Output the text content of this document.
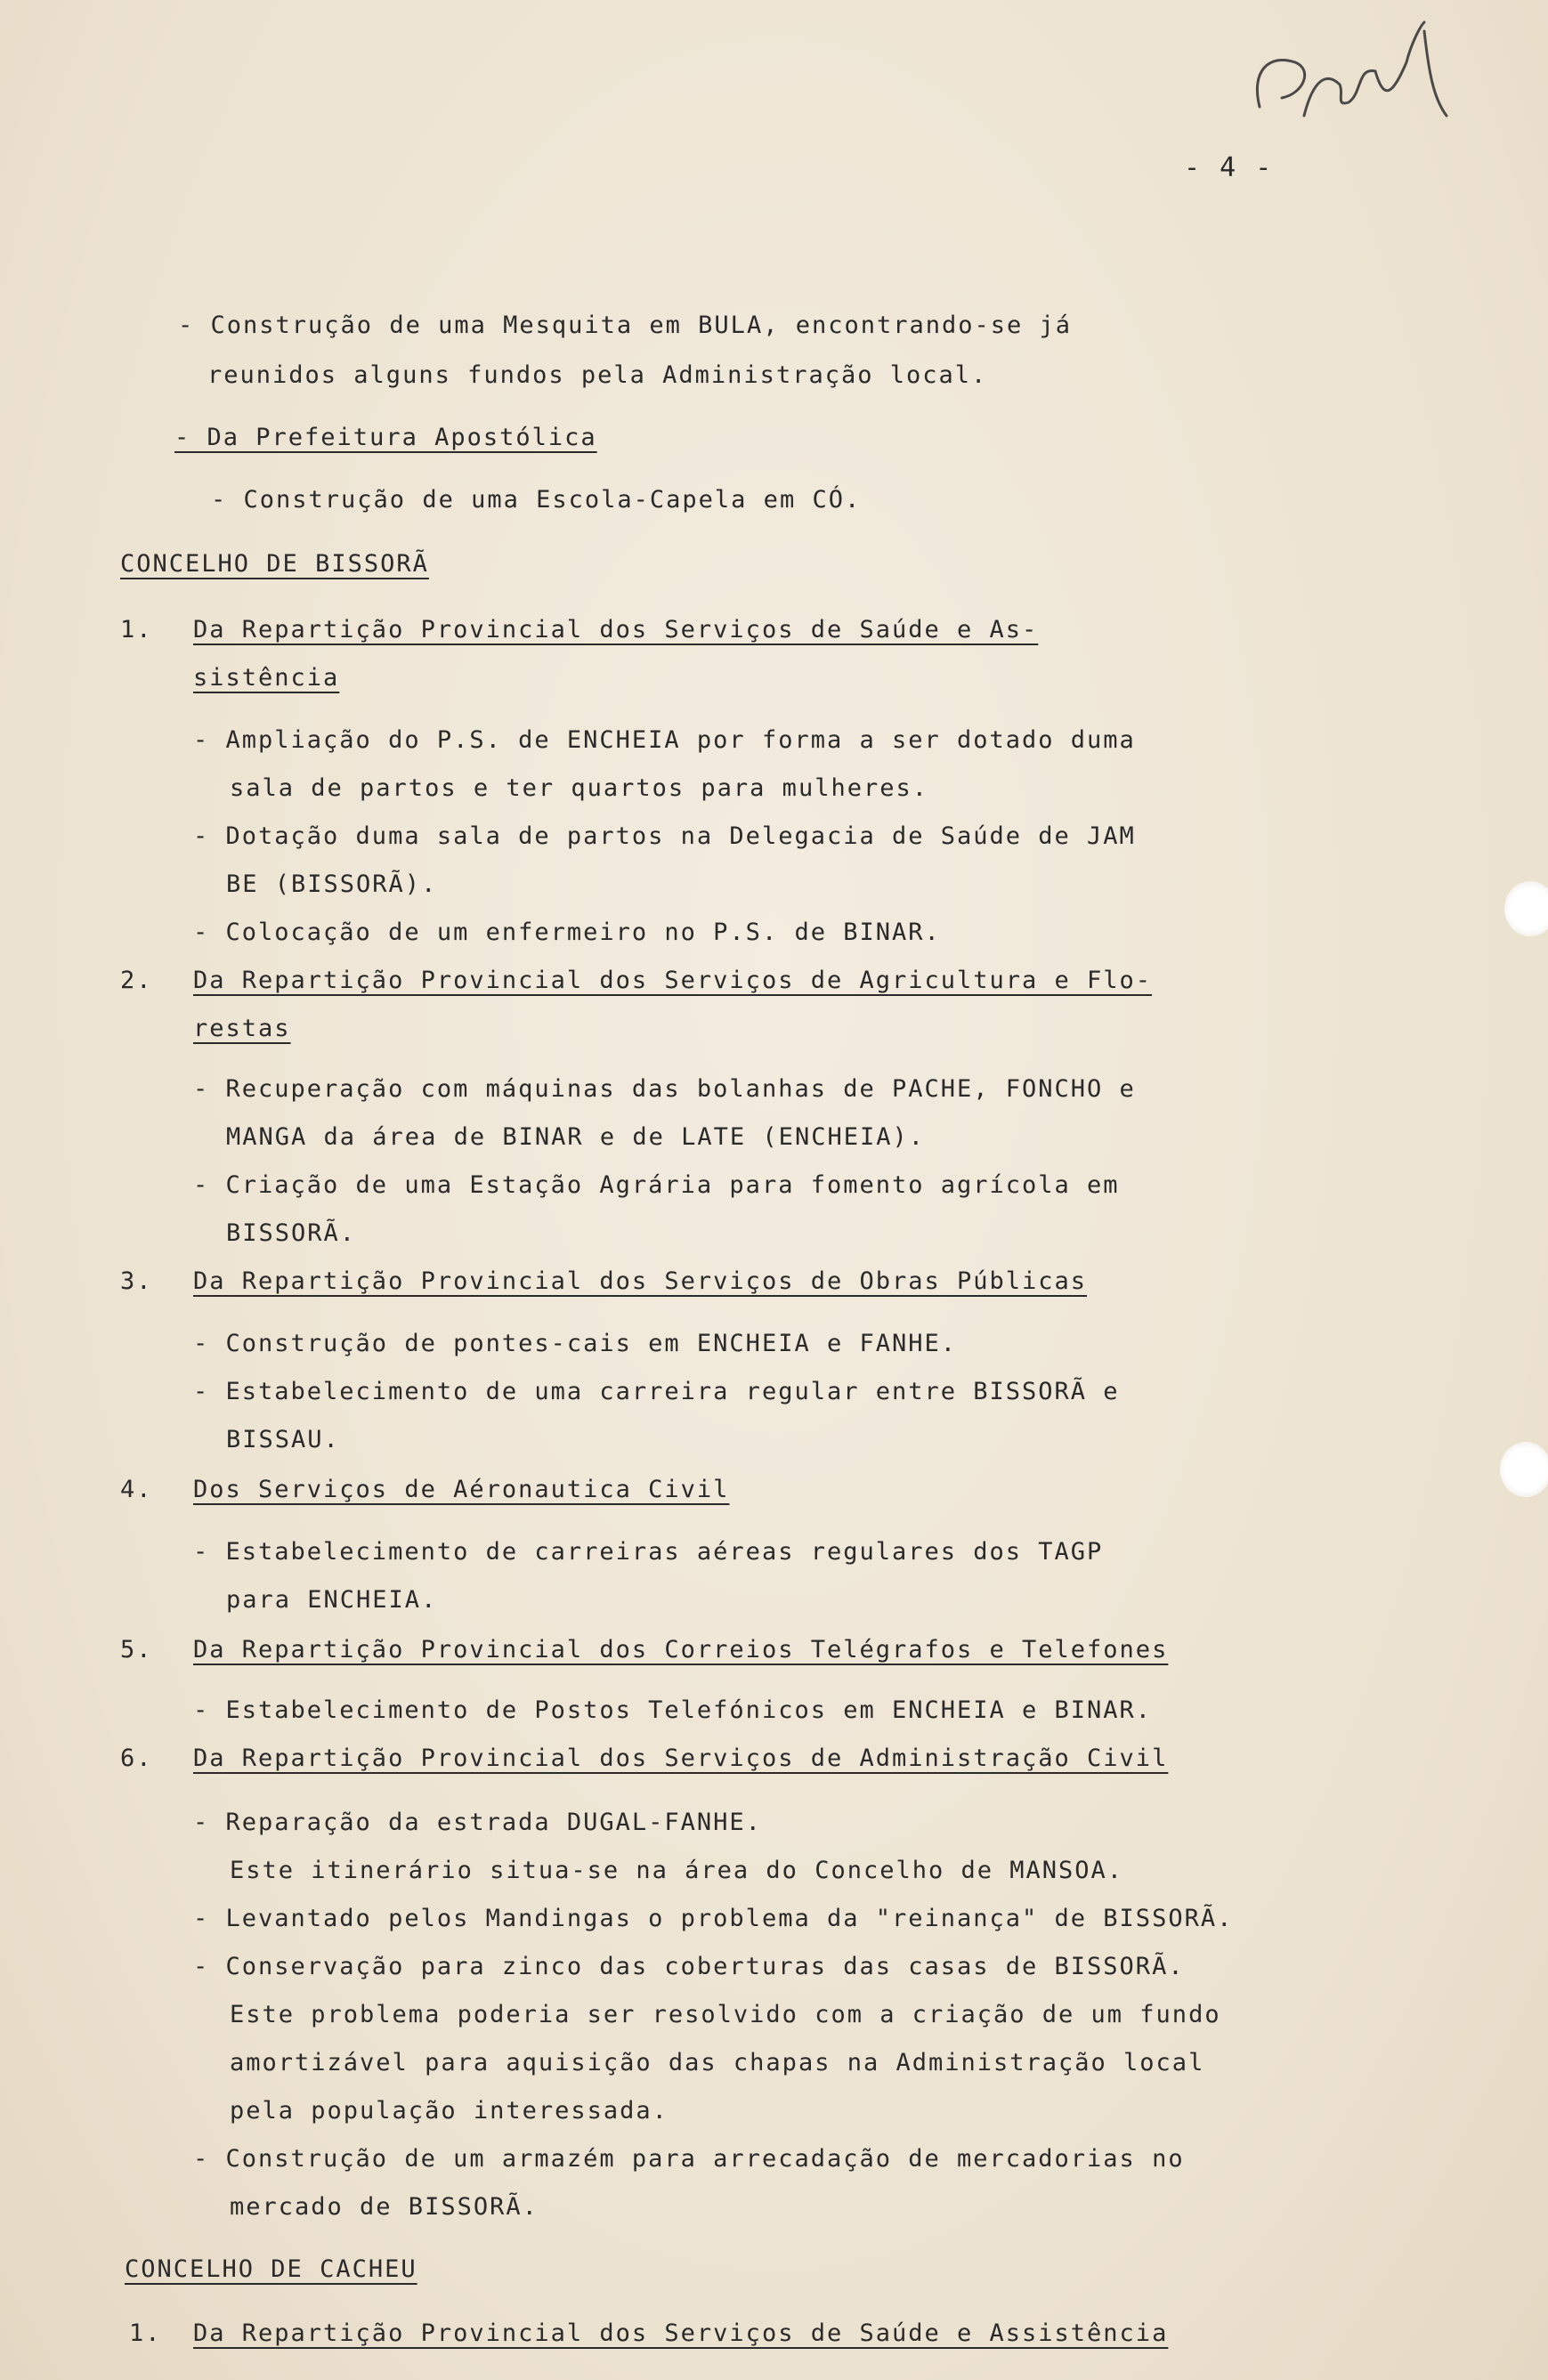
- 4 -
- Construção de uma Mesquita em BULA, encontrando-se já
reunidos alguns fundos pela Administração local.
- Da Prefeitura Apostólica
- Construção de uma Escola-Capela em CÓ.
CONCELHO DE BISSORÃ
1. Da Repartição Provincial dos Serviços de Saúde e As-
sistência
- Ampliação do P.S. de ENCHEIA por forma a ser dotado duma
sala de partos e ter quartos para mulheres.
- Dotação duma sala de partos na Delegacia de Saúde de JAM
BE (BISSORÃ).
- Colocação de um enfermeiro no P.S. de BINAR.
2. Da Repartição Provincial dos Serviços de Agricultura e Flo-
restas
- Recuperação com máquinas das bolanhas de PACHE, FONCHO e
MANGA da área de BINAR e de LATE (ENCHEIA).
- Criação de uma Estação Agrária para fomento agrícola em
BISSORÃ.
3. Da Repartição Provincial dos Serviços de Obras Públicas
- Construção de pontes-cais em ENCHEIA e FANHE.
- Estabelecimento de uma carreira regular entre BISSORÃ e
BISSAU.
4. Dos Serviços de Aéronautica Civil
- Estabelecimento de carreiras aéreas regulares dos TAGP
para ENCHEIA.
5. Da Repartição Provincial dos Correios Telégrafos e Telefones
- Estabelecimento de Postos Telefónicos em ENCHEIA e BINAR.
6. Da Repartição Provincial dos Serviços de Administração Civil
- Reparação da estrada DUGAL-FANHE.
Este itinerário situa-se na área do Concelho de MANSOA.
- Levantado pelos Mandingas o problema da "reinança" de BISSORÃ.
- Conservação para zinco das coberturas das casas de BISSORÃ.
Este problema poderia ser resolvido com a criação de um fundo
amortizável para aquisição das chapas na Administração local
pela população interessada.
- Construção de um armazém para arrecadação de mercadorias no
mercado de BISSORÃ.
CONCELHO DE CACHEU
1. Da Repartição Provincial dos Serviços de Saúde e Assistência
